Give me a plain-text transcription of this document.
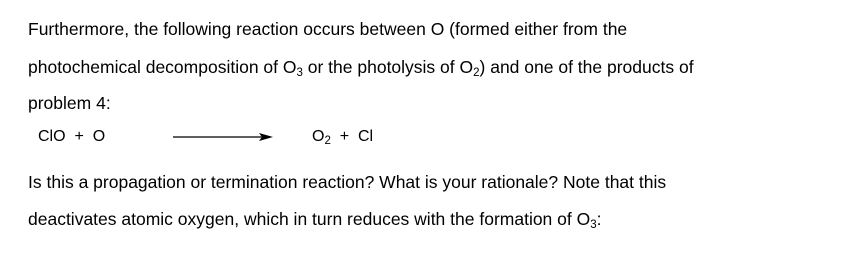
Furthermore, the following reaction occurs between O (formed either from the
photochemical decomposition of $O_3$ or the photolysis of $O_2$) and one of the products of
problem 4:
ClO + O	$O_2 + Cl$
Is this a propagation or termination reaction? What is your rationale? Note that this
deactivates atomic oxygen, which in turn reduces with the formation of $O_3$:
